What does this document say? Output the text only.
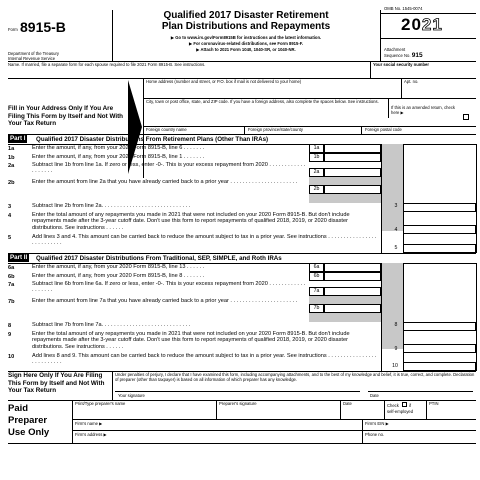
Form 8915-B
Department of the Treasury
Internal Revenue Service
Qualified 2017 Disaster Retirement
Plan Distributions and Repayments
▶ Go to www.irs.gov/Form8915B for instructions and the latest information.
▶ For coronavirus-related distributions, see Form 8915-F.
▶ Attach to 2021 Form 1040, 1040-SR, or 1040-NR.
OMB No. 1545-0074
2021
Attachment
Sequence No. 915
Name. If married, file a separate form for each spouse required to file 2021 Form 8915-B. See instructions.	Your social security number
Fill in Your Address Only If You Are Filing This Form by Itself and Not With Your Tax Return
Home address (number and street, or P.O. box if mail is not delivered to your home)	Apt. no.
City, town or post office, state, and ZIP code. If you have a foreign address, also complete the spaces below. See instructions.
If this is an amended return, check here ▶
Foreign country name	Foreign province/state/county	Foreign postal code
Part I	Qualified 2017 Disaster Distributions From Retirement Plans (Other Than IRAs)
1a	Enter the amount, if any, from your 2020 Form 8915-B, line 6 . . . . . . .	1a
1b	Enter the amount, if any, from your 2020 Form 8915-B, line 1 . . . . . . .	1b
2a	Subtract line 1b from line 1a. If zero or less, enter -0-. This is your excess repayment from 2020 . . . . . . . . . . . . . . . . . . .	2a
2b	Enter the amount from line 2a that you have already carried back to a prior year . . . . . . . . . . . . . . . . . . . . . .
2b
3	Subtract line 2b from line 2a. . . . . . . . . . . . . . . . . . . . . . . . . . . . .	3
4	Enter the total amount of any repayments you made in 2021 that were not included on your 2020 Form 8915-B. But don't include repayments made after the 3-year cutoff date. Don't use this form to report repayments of qualified 2018, 2019, or 2020 disaster distributions. See instructions . . . . . .	4
5	Add lines 3 and 4. This amount can be carried back to reduce the amount subject to tax in a prior year. See instructions . . . . . . . . . . . . . . . . . . . . . . . . . .
5
Part II	Qualified 2017 Disaster Distributions From Traditional, SEP, SIMPLE, and Roth IRAs
6a	Enter the amount, if any, from your 2020 Form 8915-B, line 13 . . . . . .	6a
6b	Enter the amount, if any, from your 2020 Form 8915-B, line 8 . . . . . . .	6b
7a	Subtract line 6b from line 6a. If zero or less, enter -0-. This is your excess repayment from 2020 . . . . . . . . . . . . . . . . . . .	7a
7b	Enter the amount from line 7a that you have already carried back to a prior year . . . . . . . . . . . . . . . . . . . . . .
7b
8	Subtract line 7b from line 7a. . . . . . . . . . . . . . . . . . . . . . . . . . . . .	8
9	Enter the total amount of any repayments you made in 2021 that were not included on your 2020 Form 8915-B. But don't include repayments made after the 3-year cutoff date. Don't use this form to report repayments of qualified 2018, 2019, or 2020 disaster distributions. See instructions . . . . . .	9
10	Add lines 8 and 9. This amount can be carried back to reduce the amount subject to tax in a prior year. See instructions . . . . . . . . . . . . . . . . . . . . . . . . . .
10
Sign Here Only If You Are Filing This Form by Itself and Not With Your Tax Return
Under penalties of perjury, I declare that I have examined this form, including accompanying attachments, and to the best of my knowledge and belief, it is true, correct, and complete. Declaration of preparer (other than taxpayer) is based on all information of which preparer has any knowledge.
Your signature	Date
Paid
Preparer
Use Only
Print/Type preparer's name	Preparer's signature	Date	Check if
self-employed
PTIN
Firm's name ▶	Firm's EIN ▶
Firm's address ▶	Phone no.
